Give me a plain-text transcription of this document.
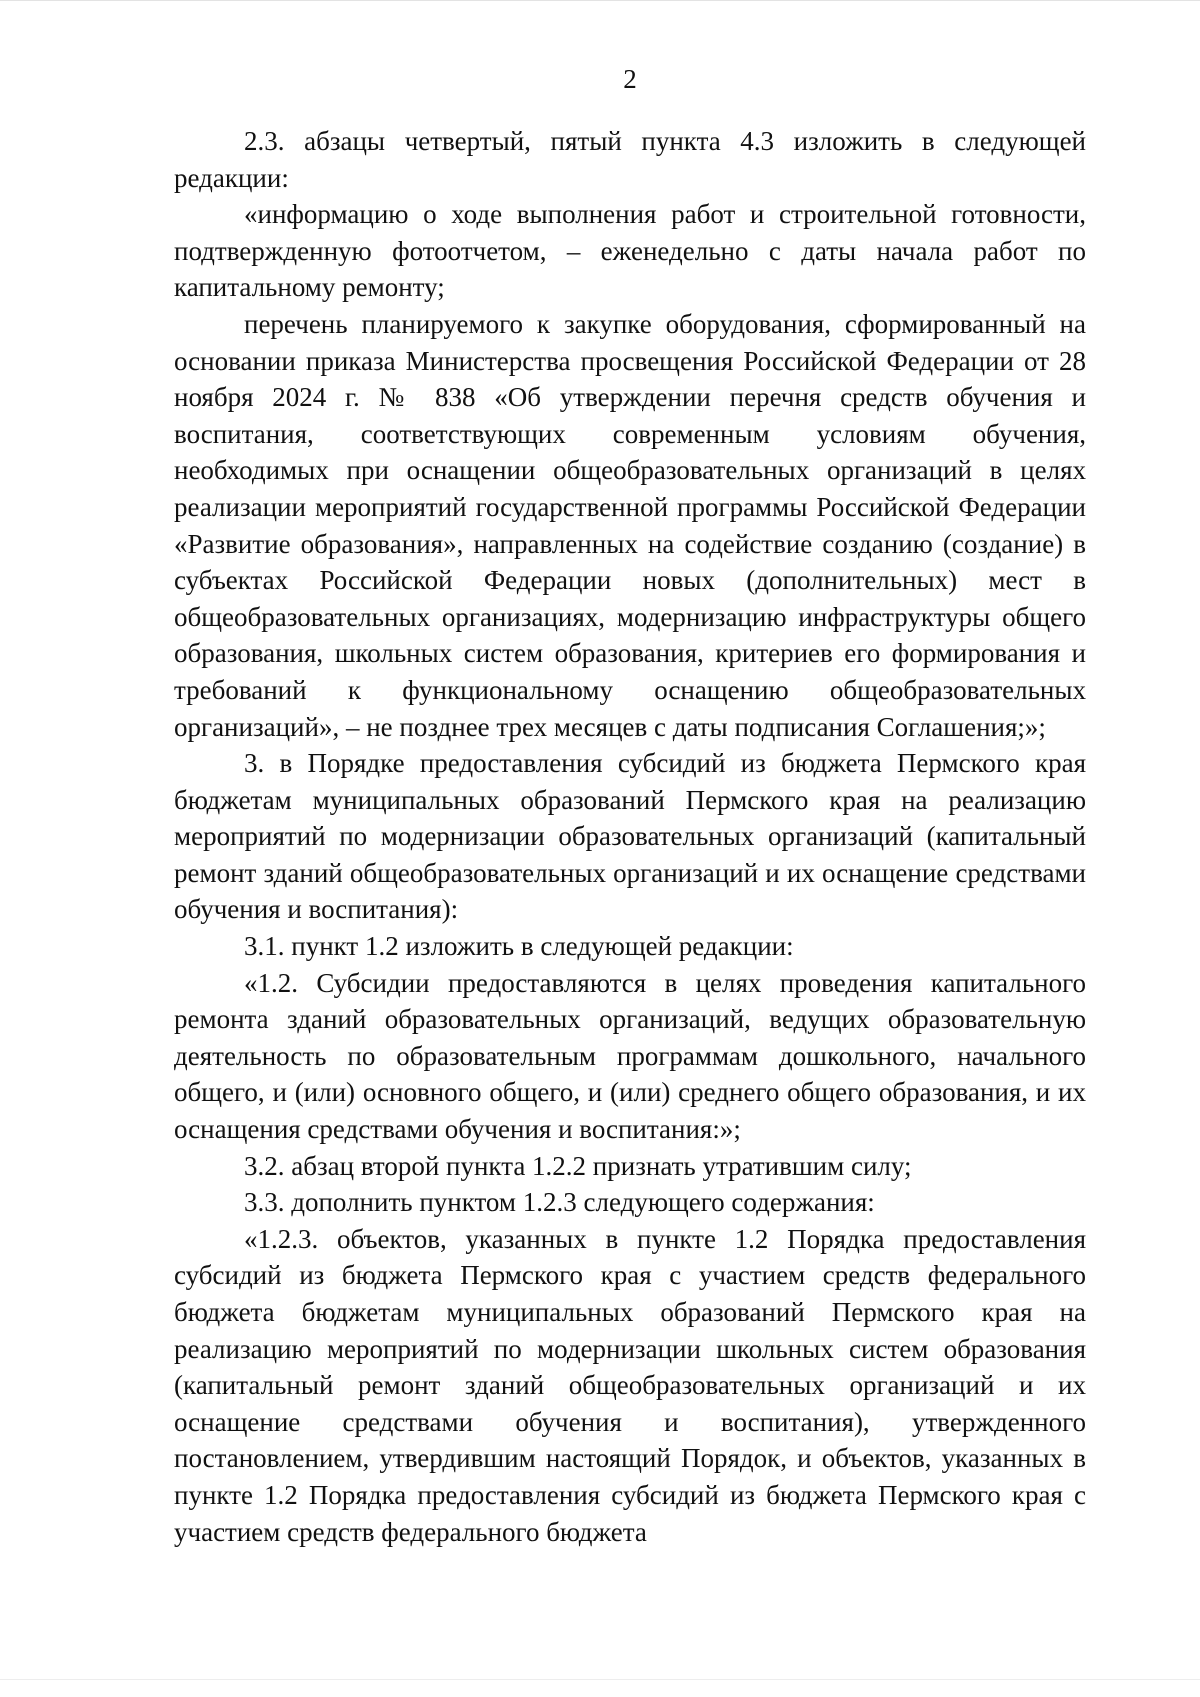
2

2.3. абзацы четвертый, пятый пункта 4.3 изложить в следующей редакции:

«информацию о ходе выполнения работ и строительной готовности, подтвержденную фотоотчетом, – еженедельно с даты начала работ по капитальному ремонту;

перечень планируемого к закупке оборудования, сформированный на основании приказа Министерства просвещения Российской Федерации от 28 ноября 2024 г. № 838 «Об утверждении перечня средств обучения и воспитания, соответствующих современным условиям обучения, необходимых при оснащении общеобразовательных организаций в целях реализации мероприятий государственной программы Российской Федерации «Развитие образования», направленных на содействие созданию (создание) в субъектах Российской Федерации новых (дополнительных) мест в общеобразовательных организациях, модернизацию инфраструктуры общего образования, школьных систем образования, критериев его формирования и требований к функциональному оснащению общеобразовательных организаций», – не позднее трех месяцев с даты подписания Соглашения;»;

3. в Порядке предоставления субсидий из бюджета Пермского края бюджетам муниципальных образований Пермского края на реализацию мероприятий по модернизации образовательных организаций (капитальный ремонт зданий общеобразовательных организаций и их оснащение средствами обучения и воспитания):

3.1. пункт 1.2 изложить в следующей редакции:

«1.2. Субсидии предоставляются в целях проведения капитального ремонта зданий образовательных организаций, ведущих образовательную деятельность по образовательным программам дошкольного, начального общего, и (или) основного общего, и (или) среднего общего образования, и их оснащения средствами обучения и воспитания:»;

3.2. абзац второй пункта 1.2.2 признать утратившим силу;

3.3. дополнить пунктом 1.2.3 следующего содержания:

«1.2.3. объектов, указанных в пункте 1.2 Порядка предоставления субсидий из бюджета Пермского края с участием средств федерального бюджета бюджетам муниципальных образований Пермского края на реализацию мероприятий по модернизации школьных систем образования (капитальный ремонт зданий общеобразовательных организаций и их оснащение средствами обучения и воспитания), утвержденного постановлением, утвердившим настоящий Порядок, и объектов, указанных в пункте 1.2 Порядка предоставления субсидий из бюджета Пермского края с участием средств федерального бюджета
